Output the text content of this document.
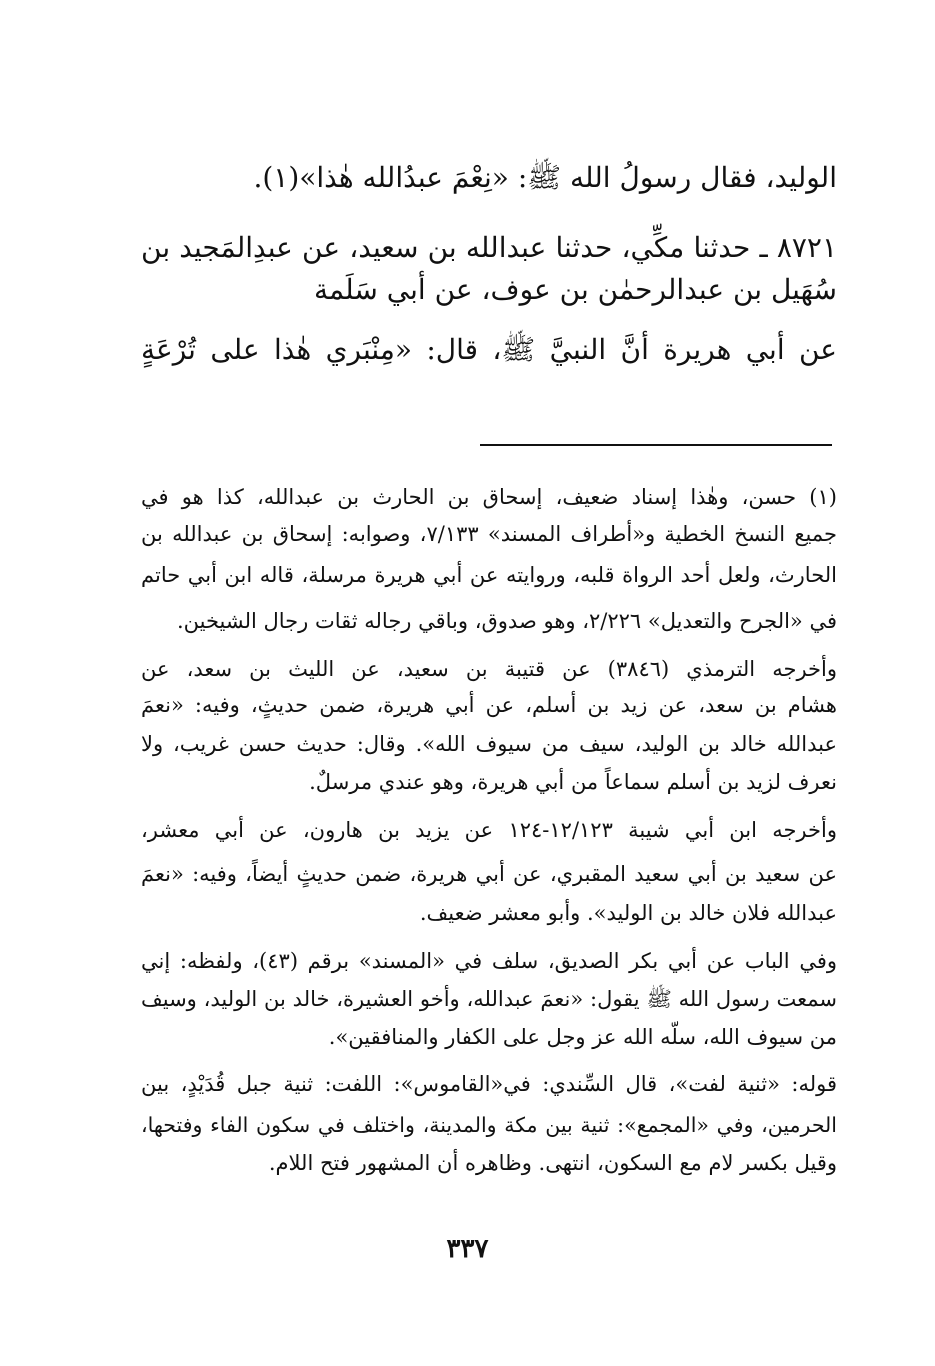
الوليد، فقال رسولُ الله ﷺ: «نِعْمَ عبدُالله هٰذا»(١).
٨٧٢١ ـ حدثنا مكِّي، حدثنا عبدالله بن سعيد، عن عبدِالمَجيد بن
سُهَيل بن عبدالرحمٰن بن عوف، عن أبي سَلَمة
عن أبي هريرة أنَّ النبيَّ ﷺ، قال: «مِنْبَري هٰذا على تُرْعَةٍ
(١) حسن، وهٰذا إسناد ضعيف، إسحاق بن الحارث بن عبدالله، كذا هو في
جميع النسخ الخطية و«أطراف المسند» ٧/١٣٣، وصوابه: إسحاق بن عبدالله بن
الحارث، ولعل أحد الرواة قلبه، وروايته عن أبي هريرة مرسلة، قاله ابن أبي حاتم
في «الجرح والتعديل» ٢/٢٢٦، وهو صدوق، وباقي رجاله ثقات رجال الشيخين.
وأخرجه الترمذي (٣٨٤٦) عن قتيبة بن سعيد، عن الليث بن سعد، عن
هشام بن سعد، عن زيد بن أسلم، عن أبي هريرة، ضمن حديثٍ، وفيه: «نعمَ
عبدالله خالد بن الوليد، سيف من سيوف الله». وقال: حديث حسن غريب، ولا
نعرف لزيد بن أسلم سماعاً من أبي هريرة، وهو عندي مرسلٌ.
وأخرجه ابن أبي شيبة ١٢/١٢٣-١٢٤ عن يزيد بن هارون، عن أبي معشر،
عن سعيد بن أبي سعيد المقبري، عن أبي هريرة، ضمن حديثٍ أيضاً، وفيه: «نعمَ
عبدالله فلان خالد بن الوليد». وأبو معشر ضعيف.
وفي الباب عن أبي بكر الصديق، سلف في «المسند» برقم (٤٣)، ولفظه: إني
سمعت رسول الله ﷺ يقول: «نعمَ عبدالله، وأخو العشيرة، خالد بن الوليد، وسيف
من سيوف الله، سلّه الله عز وجل على الكفار والمنافقين».
قوله: «ثنية لفت»، قال السِّندي: في«القاموس»: اللفت: ثنية جبل قُدَيْدٍ، بين
الحرمين، وفي «المجمع»: ثنية بين مكة والمدينة، واختلف في سكون الفاء وفتحها،
وقيل بكسر لام مع السكون، انتهى. وظاهره أن المشهور فتح اللام.
٣٣٧
